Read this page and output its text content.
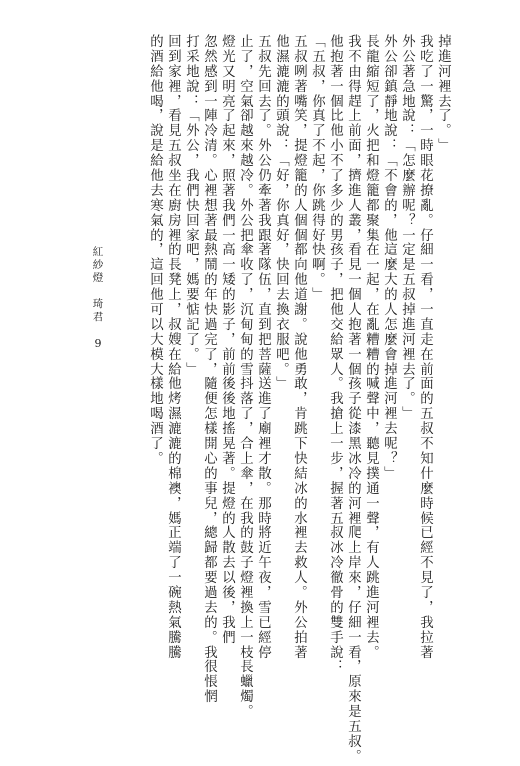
掉
進
河
裡
去
了
︒
﹂
我
吃
了
一
驚
︐
一
時
眼
花
撩
亂
︒
仔
細
一
看
︐
一
直
走
在
前
面
的
五
叔
不
知
什
麼
時
候
已
經
不
見
了
︐
我
拉
著
外
公
著
急
地
說
︓
﹁
怎
麼
辦
呢
︖
一
定
是
五
叔
掉
進
河
裡
去
了
︒
﹂
外
公
卻
鎮
靜
地
說
︓
﹁
不
會
的
︐
他
這
麼
大
的
人
怎
麼
會
掉
進
河
裡
去
呢
︖
﹂
長
龍
縮
短
了
︐
火
把
和
燈
籠
都
聚
集
在
一
起
︐
在
亂
糟
糟
的
喊
聲
中
︐
聽
見
撲
通
一
聲
︐
有
人
跳
進
河
裡
去
︒
我
不
由
得
趕
上
前
面
︐
擠
進
人
叢
︐
看
見
一
個
人
抱
著
一
個
孩
子
從
漆
黑
冰
冷
的
河
裡
爬
上
岸
來
︐
仔
細
一
看
︐
原
來
是
五
叔
︒
他
抱
著
一
個
比
他
小
不
了
多
少
的
男
孩
子
︐
把
他
交
給
眾
人
︒
我
搶
上
一
步
︐
握
著
五
叔
冰
冷
徹
骨
的
雙
手
說
︓
﹁
五
叔
︐
你
真
了
不
起
︐
你
跳
得
好
快
啊
︒
﹂
五
叔
咧
著
嘴
笑
︐
提
燈
籠
的
人
個
個
都
向
他
道
謝
︒
說
他
勇
敢
︐
肯
跳
下
快
結
冰
的
水
裡
去
救
人
︒
外
公
拍
著
他
濕
漉
漉
的
頭
說
︓
﹁
好
︐
你
真
好
︐
快
回
去
換
衣
服
吧
︒
﹂
五
叔
先
回
去
了
︒
外
公
仍
牽
著
我
跟
著
隊
伍
︐
直
到
把
菩
薩
送
進
了
廟
裡
才
散
︒
那
時
將
近
午
夜
︐
雪
已
經
停
止
了
︐
空
氣
卻
越
來
越
冷
︒
外
公
把
傘
收
了
︐
沉
甸
甸
的
雪
抖
落
了
︐
合
上
傘
︐
在
我
的
鼓
子
燈
裡
換
上
一
枝
長
蠟
燭
︒
燈
光
又
明
亮
了
起
來
︐
照
著
我
們
一
高
一
矮
的
影
子
︐
前
前
後
後
地
搖
晃
著
︒
提
燈
的
人
散
去
以
後
︐
我
們
忽
然
感
到
一
陣
冷
清
︒
心
裡
想
著
最
熱
鬧
的
年
快
過
完
了
︐
隨
便
怎
樣
開
心
的
事
兒
︐
總
歸
都
要
過
去
的
︒
我
很
悵
惘
打
采
地
說
︓
﹁
外
公
︐
我
們
快
回
家
吧
︐
媽
要
惦
記
了
︒
﹂
回
到
家
裡
︐
看
見
五
叔
坐
在
廚
房
裡
的
長
凳
上
︐
叔
嫂
在
給
他
烤
濕
漉
漉
的
棉
襖
︐
媽
正
端
了
一
碗
熱
氣
騰
騰
的
酒
給
他
喝
︐
說
是
給
他
去
寒
氣
的
︐
這
回
他
可
以
大
模
大
樣
地
喝
酒
了
︒
紅
紗
燈
琦
君
9
